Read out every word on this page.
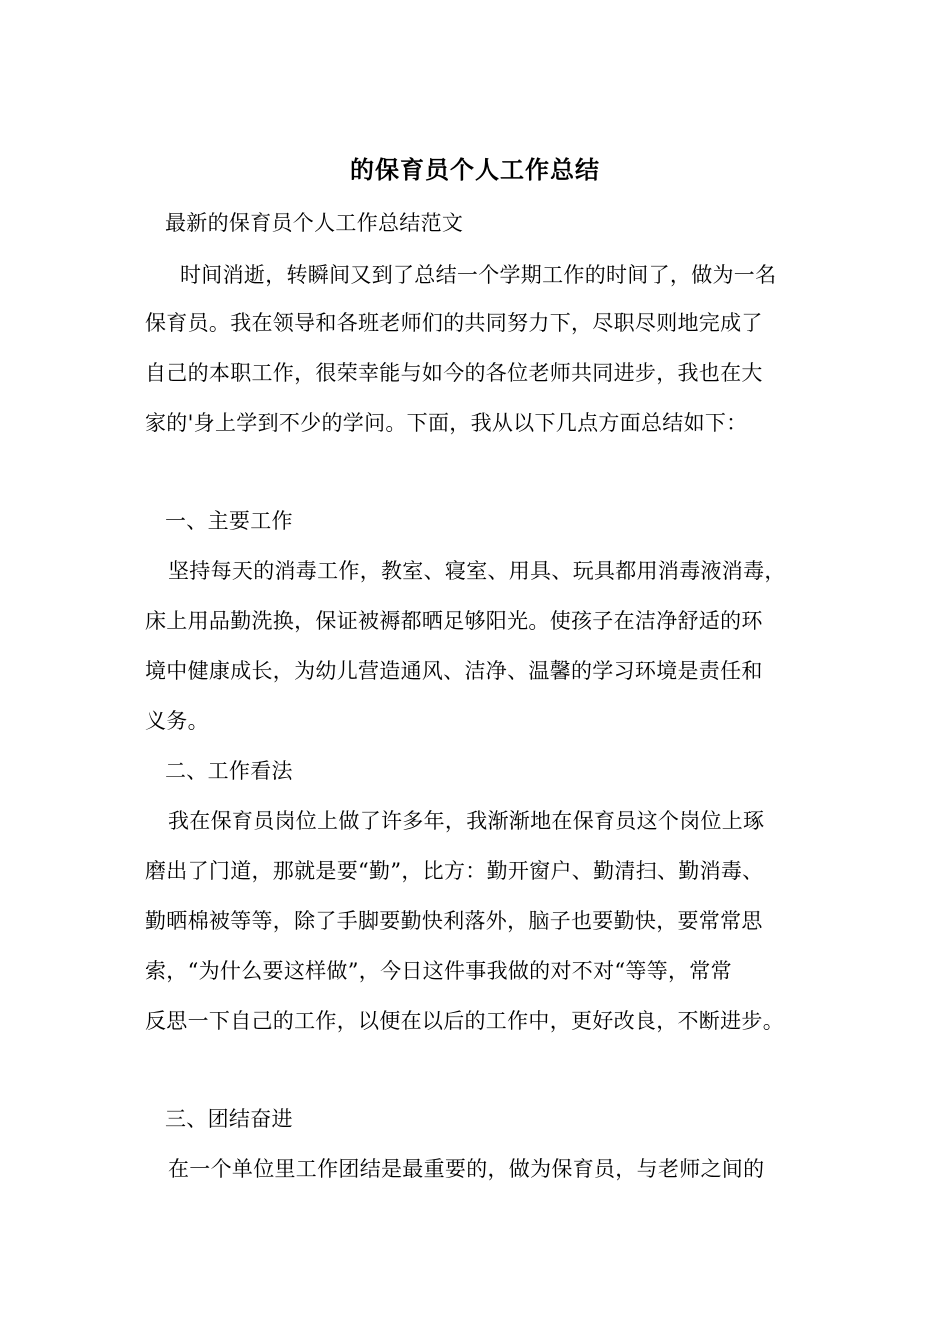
的保育员个人工作总结
最新的保育员个人工作总结范文
时间消逝，转瞬间又到了总结一个学期工作的时间了，做为一名
保育员。我在领导和各班老师们的共同努力下，尽职尽则地完成了
自己的本职工作，很荣幸能与如今的各位老师共同进步，我也在大
家的'身上学到不少的学问。下面，我从以下几点方面总结如下：
一、主要工作
坚持每天的消毒工作，教室、寝室、用具、玩具都用消毒液消毒，
床上用品勤洗换，保证被褥都晒足够阳光。使孩子在洁净舒适的环
境中健康成长，为幼儿营造通风、洁净、温馨的学习环境是责任和
义务。
二、工作看法
我在保育员岗位上做了许多年，我渐渐地在保育员这个岗位上琢
磨出了门道，那就是要“勤”，比方：勤开窗户、勤清扫、勤消毒、
勤晒棉被等等，除了手脚要勤快利落外，脑子也要勤快，要常常思
索，“为什么要这样做”，今日这件事我做的对不对“等等，常常
反思一下自己的工作，以便在以后的工作中，更好改良，不断进步。
三、团结奋进
在一个单位里工作团结是最重要的，做为保育员，与老师之间的
